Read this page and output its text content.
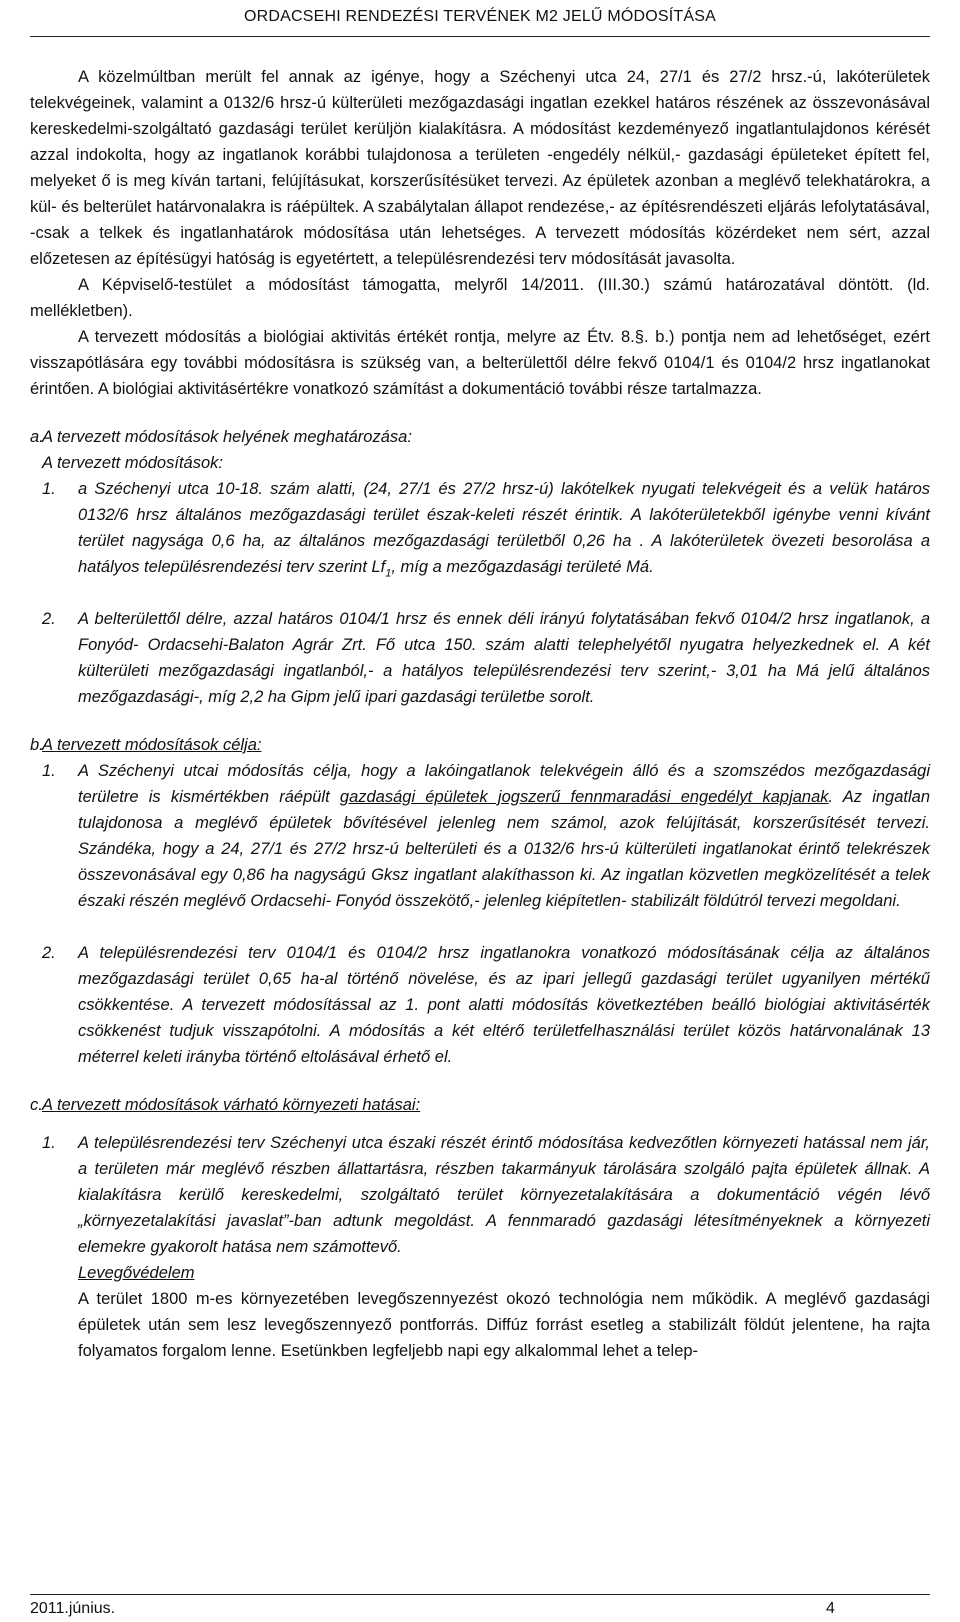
ORDACSEHI RENDEZÉSI TERVÉNEK M2 JELŰ MÓDOSÍTÁSA

A közelmúltban merült fel annak az igénye, hogy a Széchenyi utca 24, 27/1 és 27/2 hrsz.-ú, lakóterületek telekvégeinek, valamint a 0132/6 hrsz-ú külterületi mezőgazdasági ingatlan ezekkel határos részének az összevonásával kereskedelmi-szolgáltató gazdasági terület kerüljön kialakításra. A módosítást kezdeményező ingatlantulajdonos kérését azzal indokolta, hogy az ingatlanok korábbi tulajdonosa a területen -engedély nélkül,- gazdasági épületeket épített fel, melyeket ő is meg kíván tartani, felújításukat, korszerűsítésüket tervezi. Az épületek azonban a meglévő telekhatárokra, a kül- és belterület határvonalakra is ráépültek. A szabálytalan állapot rendezése,- az építésrendészeti eljárás lefolytatásával, -csak a telkek és ingatlanhatárok módosítása után lehetséges. A tervezett módosítás közérdeket nem sért, azzal előzetesen az építésügyi hatóság is egyetértett, a településrendezési terv módosítását javasolta.

A Képviselő-testület a módosítást támogatta, melyről 14/2011. (III.30.) számú határozatával döntött. (ld. mellékletben).

A tervezett módosítás a biológiai aktivitás értékét rontja, melyre az Étv. 8.§. b.) pontja nem ad lehetőséget, ezért visszapótlására egy további módosításra is szükség van, a belterülettől délre fekvő 0104/1 és 0104/2 hrsz ingatlanokat érintően. A biológiai aktivitásértékre vonatkozó számítást a dokumentáció további része tartalmazza.

a.
A tervezett módosítások helyének meghatározása:
A tervezett módosítások:
1. a Széchenyi utca 10-18. szám alatti, (24, 27/1 és 27/2 hrsz-ú) lakótelkek nyugati telekvégeit és a velük határos 0132/6 hrsz általános mezőgazdasági terület észak-keleti részét érintik. A lakóterületekből igénybe venni kívánt terület nagysága 0,6 ha, az általános mezőgazdasági területből 0,26 ha . A lakóterületek övezeti besorolása a hatályos településrendezési terv szerint $Lf_1$, míg a mezőgazdasági területé Má.

2. A belterülettől délre, azzal határos 0104/1 hrsz és ennek déli irányú folytatásában fekvő 0104/2 hrsz ingatlanok, a Fonyód- Ordacsehi-Balaton Agrár Zrt. Fő utca 150. szám alatti telephelyétől nyugatra helyezkednek el. A két külterületi mezőgazdasági ingatlanból,- a hatályos településrendezési terv szerint,- 3,01 ha Má jelű általános mezőgazdasági-, míg 2,2 ha Gipm jelű ipari gazdasági területbe sorolt.

b.
A tervezett módosítások célja:
1. A Széchenyi utcai módosítás célja, hogy a lakóingatlanok telekvégein álló és a szomszédos mezőgazdasági területre is kismértékben ráépült gazdasági épületek jogszerű fennmaradási engedélyt kapjanak. Az ingatlan tulajdonosa a meglévő épületek bővítésével jelenleg nem számol, azok felújítását, korszerűsítését tervezi. Szándéka, hogy a 24, 27/1 és 27/2 hrsz-ú belterületi és a 0132/6 hrs-ú külterületi ingatlanokat érintő telekrészek összevonásával egy 0,86 ha nagyságú Gksz ingatlant alakíthasson ki. Az ingatlan közvetlen megközelítését a telek északi részén meglévő Ordacsehi- Fonyód összekötő,- jelenleg kiépítetlen- stabilizált földútról tervezi megoldani.

2. A településrendezési terv 0104/1 és 0104/2 hrsz ingatlanokra vonatkozó módosításának célja az általános mezőgazdasági terület 0,65 ha-al történő növelése, és az ipari jellegű gazdasági terület ugyanilyen mértékű csökkentése. A tervezett módosítással az 1. pont alatti módosítás következtében beálló biológiai aktivitásérték csökkenést tudjuk visszapótolni. A módosítás a két eltérő területfelhasználási terület közös határvonalának 13 méterrel keleti irányba történő eltolásával érhető el.

c. A tervezett módosítások várható környezeti hatásai:
1. A településrendezési terv Széchenyi utca északi részét érintő módosítása kedvezőtlen környezeti hatással nem jár, a területen már meglévő részben állattartásra, részben takarmányuk tárolására szolgáló pajta épületek állnak. A kialakításra kerülő kereskedelmi, szolgáltató terület környezetalakítására a dokumentáció végén lévő „környezetalakítási javaslat”-ban adtunk megoldást. A fennmaradó gazdasági létesítményeknek a környezeti elemekre gyakorolt hatása nem számottevő.

Levegővédelem

A terület 1800 m-es környezetében levegőszennyezést okozó technológia nem működik. A meglévő gazdasági épületek után sem lesz levegőszennyező pontforrás. Diffúz forrást esetleg a stabilizált földút jelentene, ha rajta folyamatos forgalom lenne. Esetünkben legfeljebb napi egy alkalommal lehet a telep-

2011.június.	4
